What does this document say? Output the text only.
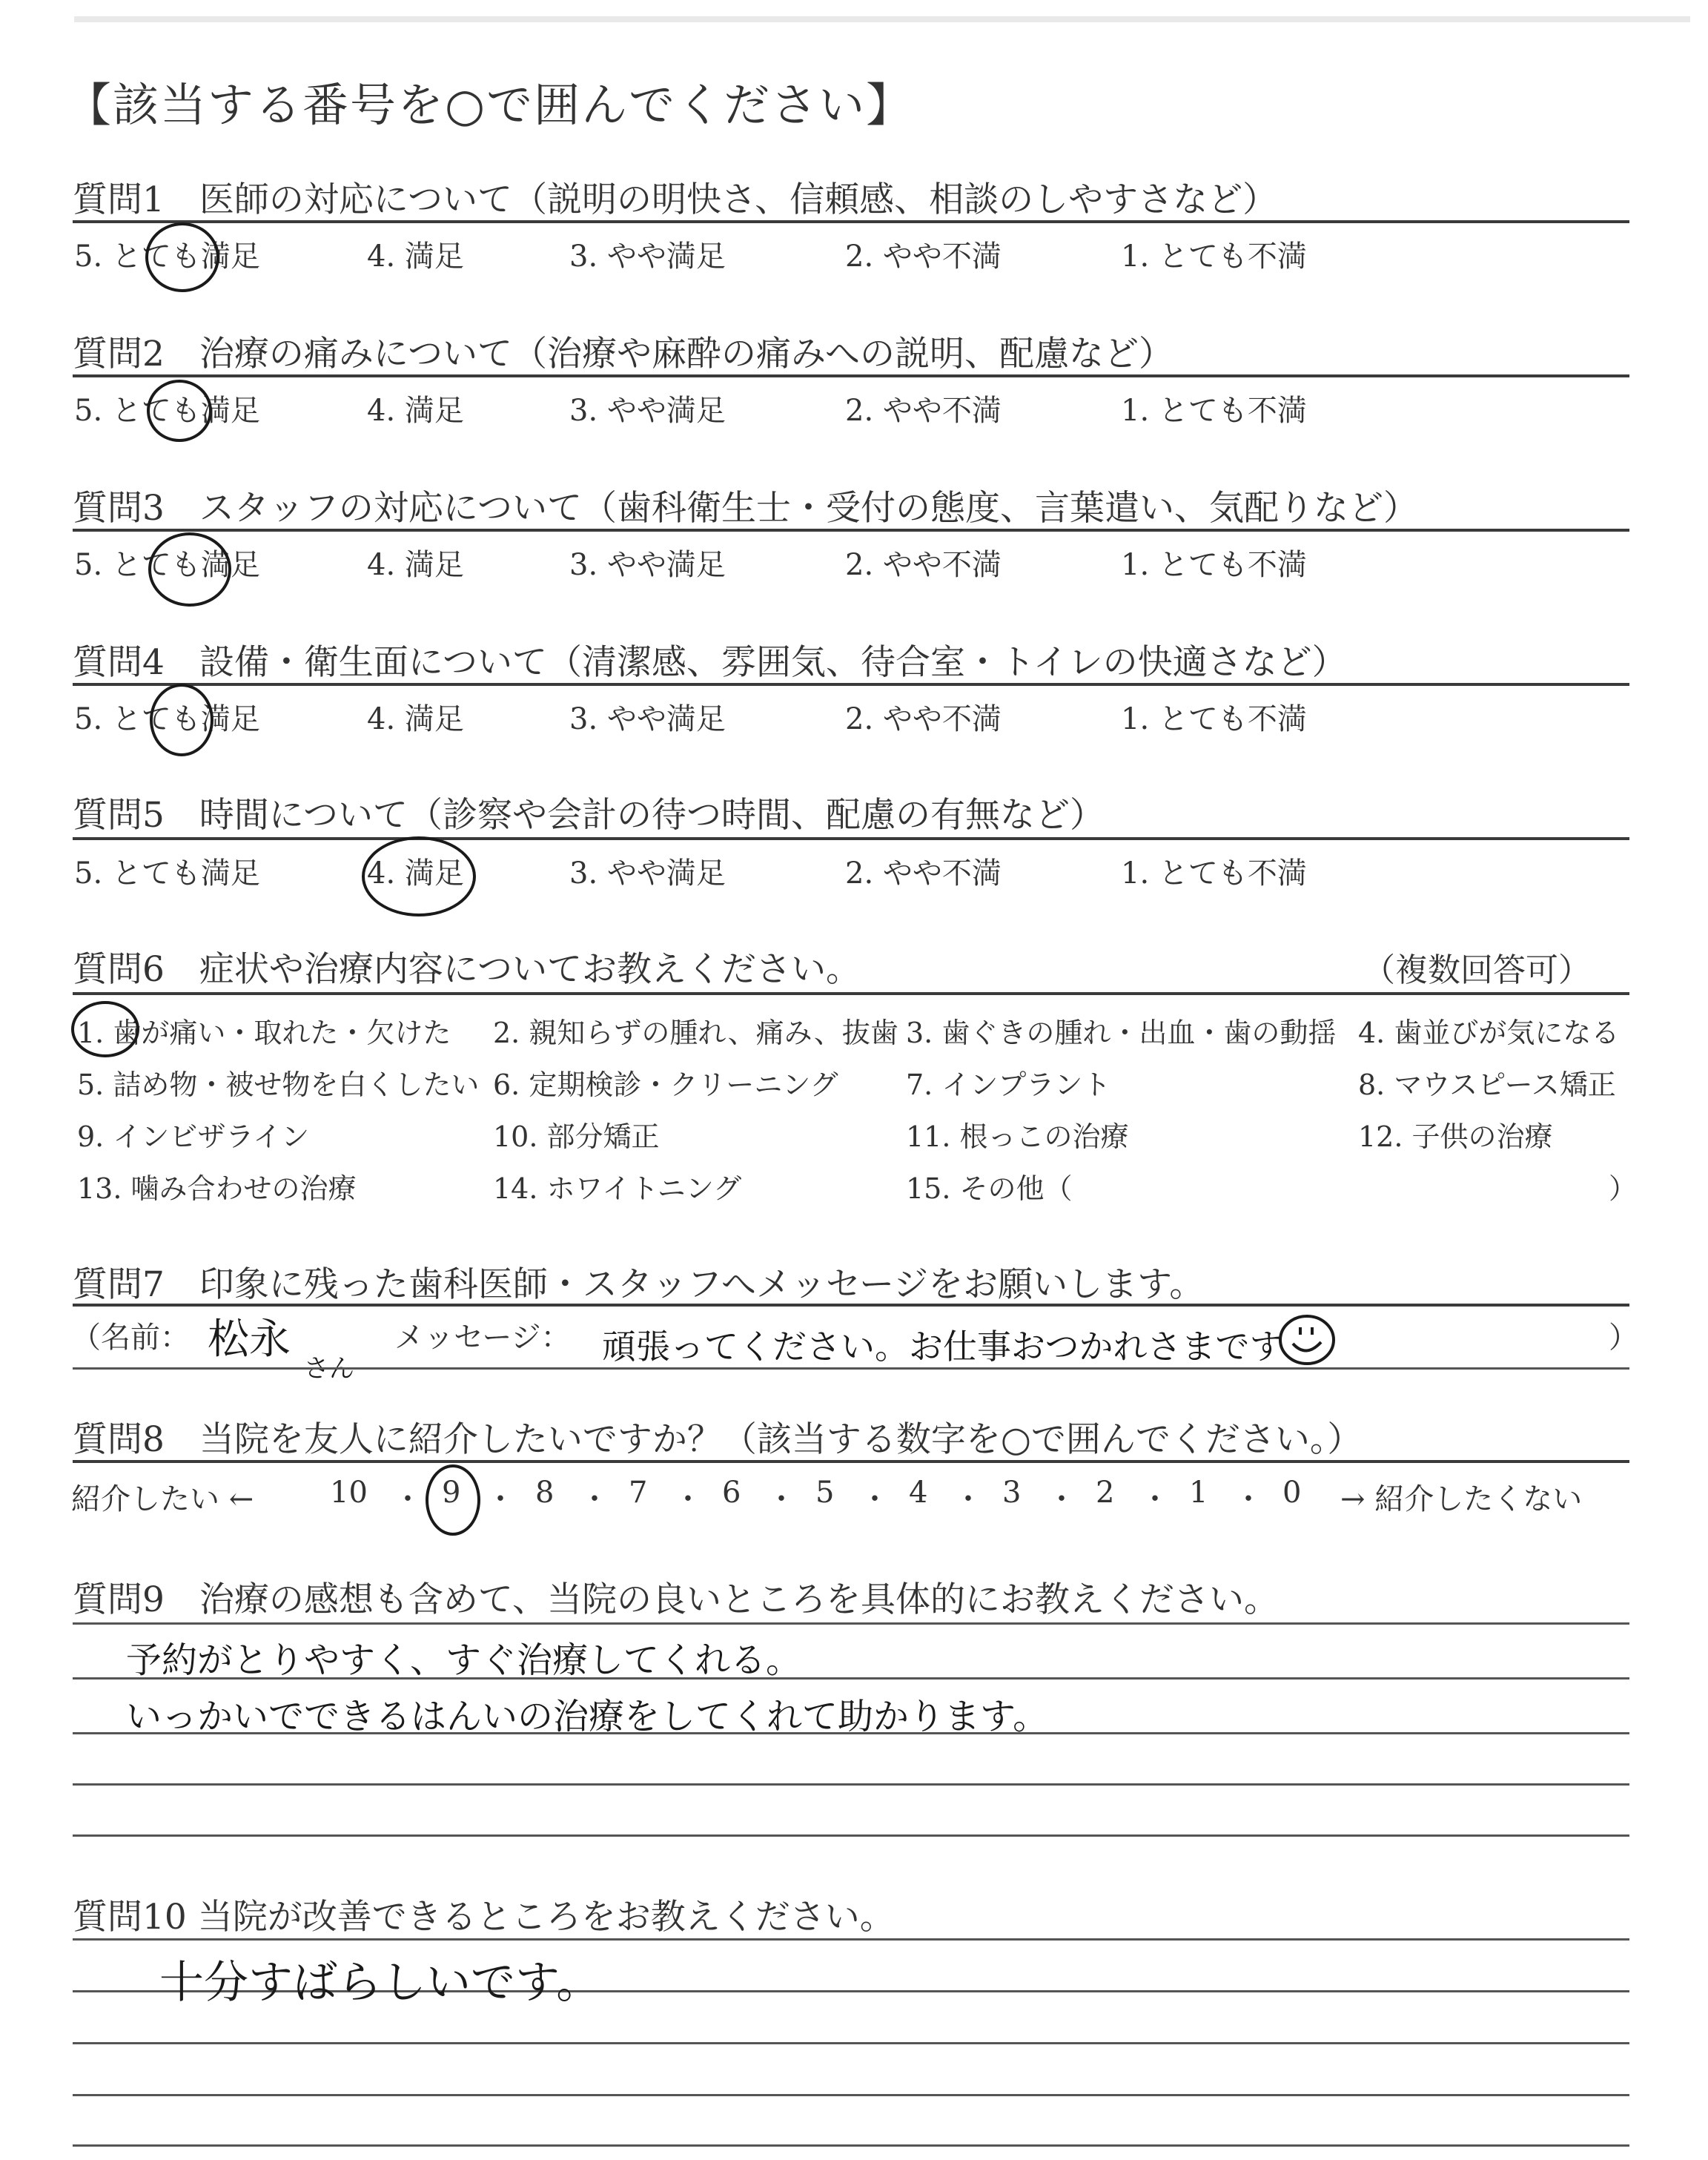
【該当する番号を○で囲んでください】
質問1　医師の対応について（説明の明快さ、信頼感、相談のしやすさなど）
5. とても満足	4. 満足	3. やや満足	2. やや不満	1. とても不満
質問2　治療の痛みについて（治療や麻酔の痛みへの説明、配慮など）
5. とても満足	4. 満足	3. やや満足	2. やや不満	1. とても不満
質問3　スタッフの対応について（歯科衛生士・受付の態度、言葉遣い、気配りなど）
5. とても満足	4. 満足	3. やや満足	2. やや不満	1. とても不満
質問4　設備・衛生面について（清潔感、雰囲気、待合室・トイレの快適さなど）
5. とても満足	4. 満足	3. やや満足	2. やや不満	1. とても不満
質問5　時間について（診察や会計の待つ時間、配慮の有無など）
5. とても満足	4. 満足	3. やや満足	2. やや不満	1. とても不満
質問6　症状や治療内容についてお教えください。	（複数回答可）
1. 歯が痛い・取れた・欠けた 2. 親知らずの腫れ、痛み、抜歯 3. 歯ぐきの腫れ・出血・歯の動揺 4. 歯並びが気になる
5. 詰め物・被せ物を白くしたい 6. 定期検診・クリーニング 7. インプラント	8. マウスピース矯正
9. インビザライン	10. 部分矯正	11. 根っこの治療	12. 子供の治療
13. 噛み合わせの治療	14. ホワイトニング	15. その他（	）
質問7　印象に残った歯科医師・スタッフへメッセージをお願いします。
（名前： 松永
さん
メッセージ： 頑張ってください。お仕事おつかれさまです	）
質問8　当院を友人に紹介したいですか？（該当する数字を○で囲んでください。）
紹介したい ←	10 ・ 9 ・ 8 ・ 7 ・ 6 ・ 5 ・ 4 ・ 3 ・ 2 ・ 1 ・ 0 → 紹介したくない
質問9　治療の感想も含めて、当院の良いところを具体的にお教えください。
予約がとりやすく、すぐ治療してくれる。
いっかいでできるはんいの治療をしてくれて助かります。
質問10 当院が改善できるところをお教えください。
十分すばらしいです。
